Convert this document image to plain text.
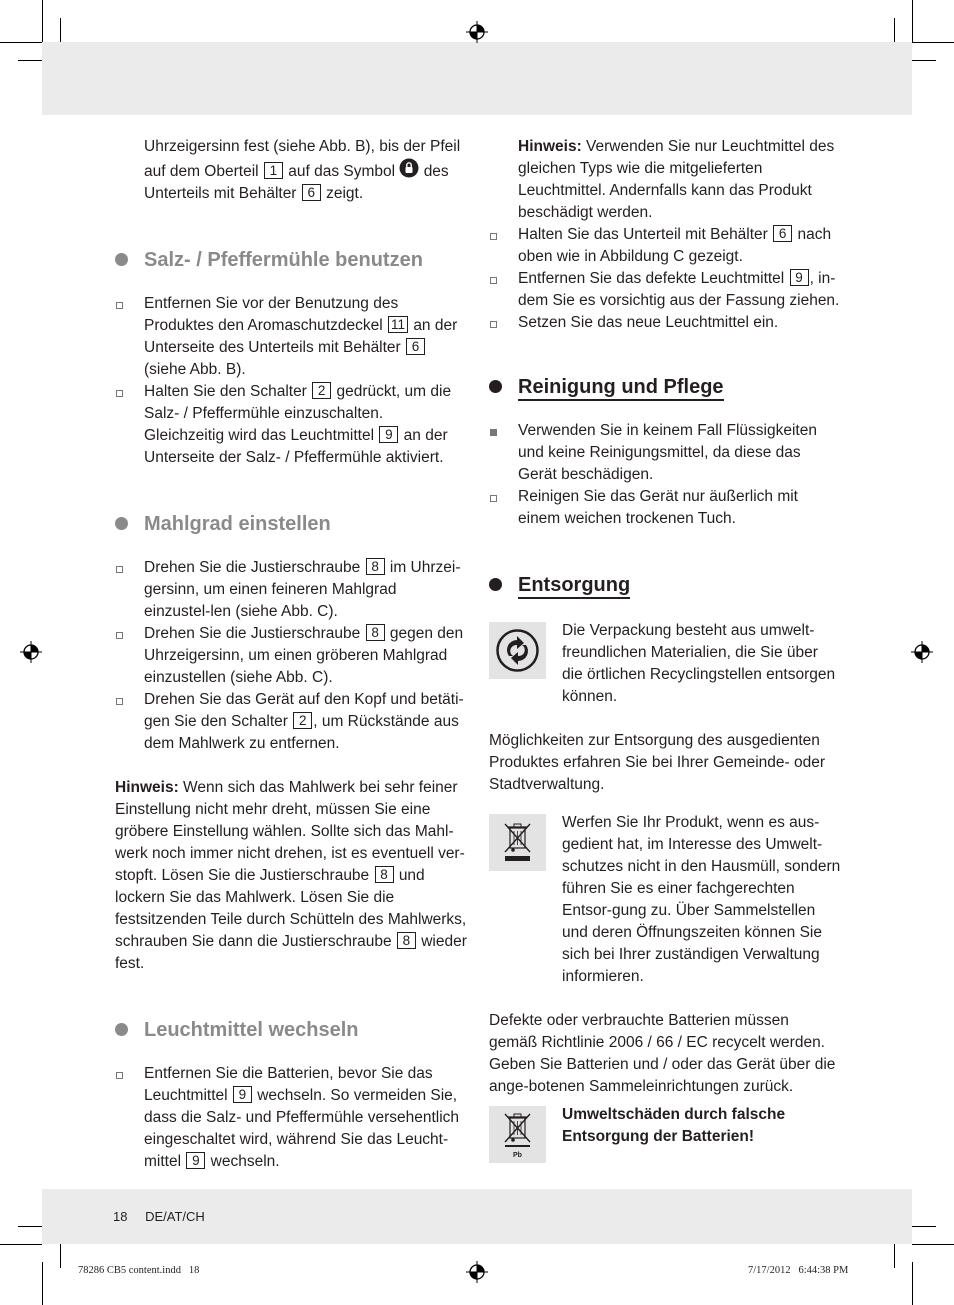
Uhrzeigersinn fest (siehe Abb. B), bis der Pfeil auf dem Oberteil 1 auf das Symbol des Unterteils mit Behälter 6 zeigt.

Salz- / Pfeffermühle benutzen
Entfernen Sie vor der Benutzung des Produktes den Aromaschutzdeckel 11 an der Unterseite des Unterteils mit Behälter 6 (siehe Abb. B).
Halten Sie den Schalter 2 gedrückt, um die Salz- / Pfeffermühle einzuschalten. Gleichzeitig wird das Leuchtmittel 9 an der Unterseite der Salz- / Pfeffermühle aktiviert.
Mahlgrad einstellen
Drehen Sie die Justierschraube 8 im Uhrzei-gersinn, um einen feineren Mahlgrad einzustel-len (siehe Abb. C).
Drehen Sie die Justierschraube 8 gegen den Uhrzeigersinn, um einen gröberen Mahlgrad einzustellen (siehe Abb. C).
Drehen Sie das Gerät auf den Kopf und betäti-gen Sie den Schalter 2 , um Rückstände aus dem Mahlwerk zu entfernen.

Hinweis: Wenn sich das Mahlwerk bei sehr feiner Einstellung nicht mehr dreht, müssen Sie eine gröbere Einstellung wählen. Sollte sich das Mahl-werk noch immer nicht drehen, ist es eventuell ver-stopft. Lösen Sie die Justierschraube 8 und lockern Sie das Mahlwerk. Lösen Sie die festsitzenden Teile durch Schütteln des Mahlwerks, schrauben Sie dann die Justierschraube 8 wieder fest.

Leuchtmittel wechseln
Entfernen Sie die Batterien, bevor Sie das Leuchtmittel 9 wechseln. So vermeiden Sie, dass die Salz- und Pfeffermühle versehentlich eingeschaltet wird, während Sie das Leucht-mittel 9 wechseln.

Hinweis: Verwenden Sie nur Leuchtmittel des gleichen Typs wie die mitgelieferten Leuchtmittel. Andernfalls kann das Produkt beschädigt werden.

Halten Sie das Unterteil mit Behälter 6 nach oben wie in Abbildung C gezeigt.
Entfernen Sie das defekte Leuchtmittel 9 , in-dem Sie es vorsichtig aus der Fassung ziehen.
Setzen Sie das neue Leuchtmittel ein.
Reinigung und Pflege
Verwenden Sie in keinem Fall Flüssigkeiten und keine Reinigungsmittel, da diese das Gerät beschädigen.
Reinigen Sie das Gerät nur äußerlich mit einem weichen trockenen Tuch.
Entsorgung

Die Verpackung besteht aus umwelt-freundlichen Materialien, die Sie über die örtlichen Recyclingstellen entsorgen können.

Möglichkeiten zur Entsorgung des ausgedienten Produktes erfahren Sie bei Ihrer Gemeinde- oder Stadtverwaltung.

Werfen Sie Ihr Produkt, wenn es aus-gedient hat, im Interesse des Umwelt-schutzes nicht in den Hausmüll, sondern führen Sie es einer fachgerechten Entsor-gung zu. Über Sammelstellen und deren Öffnungszeiten können Sie sich bei Ihrer zuständigen Verwaltung informieren.

Defekte oder verbrauchte Batterien müssen gemäß Richtlinie 2006 / 66 / EC recycelt werden. Geben Sie Batterien und / oder das Gerät über die ange-botenen Sammeleinrichtungen zurück.

Pb

Umweltschäden durch falsche Entsorgung der Batterien!

18 DE/AT/CH
78286 CB5 content.indd   18	7/17/2012   6:44:38 PM
